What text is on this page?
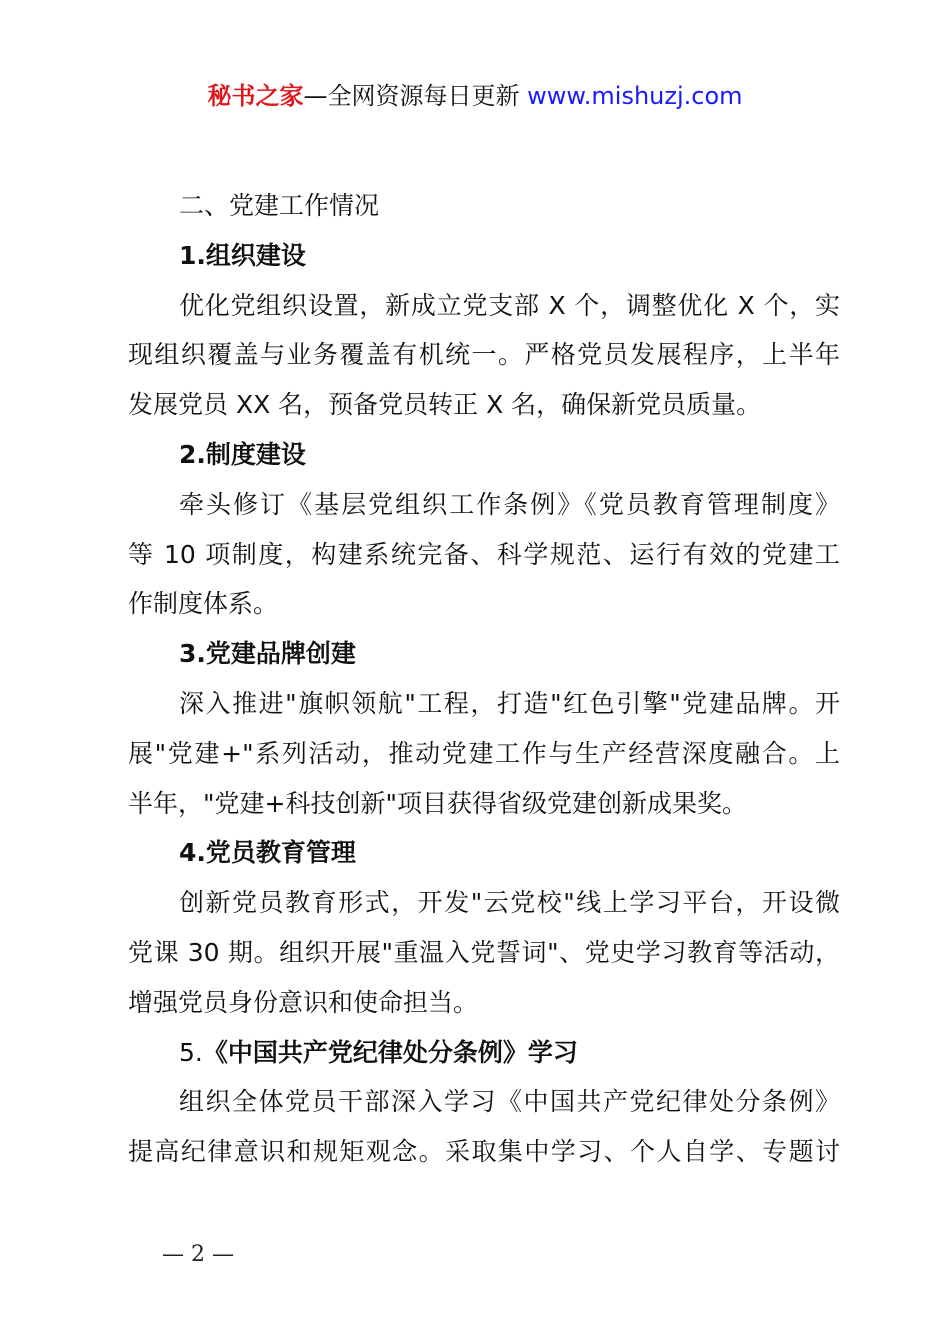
秘书之家—全网资源每日更新 www.mishuzj.com
二、党建工作情况
1.组织建设
优化党组织设置，新成立党支部 X 个，调整优化 X 个，实
现组织覆盖与业务覆盖有机统一。严格党员发展程序，上半年
发展党员 XX 名，预备党员转正 X 名，确保新党员质量。
2.制度建设
牵头修订《基层党组织工作条例》《党员教育管理制度》
等 10 项制度，构建系统完备、科学规范、运行有效的党建工
作制度体系。
3.党建品牌创建
深入推进"旗帜领航"工程，打造"红色引擎"党建品牌。开
展"党建+"系列活动，推动党建工作与生产经营深度融合。上
半年，"党建+科技创新"项目获得省级党建创新成果奖。
4.党员教育管理
创新党员教育形式，开发"云党校"线上学习平台，开设微
党课 30 期。组织开展"重温入党誓词"、党史学习教育等活动，
增强党员身份意识和使命担当。
5.《中国共产党纪律处分条例》学习
组织全体党员干部深入学习《中国共产党纪律处分条例》
提高纪律意识和规矩观念。采取集中学习、个人自学、专题讨
— 2 —
